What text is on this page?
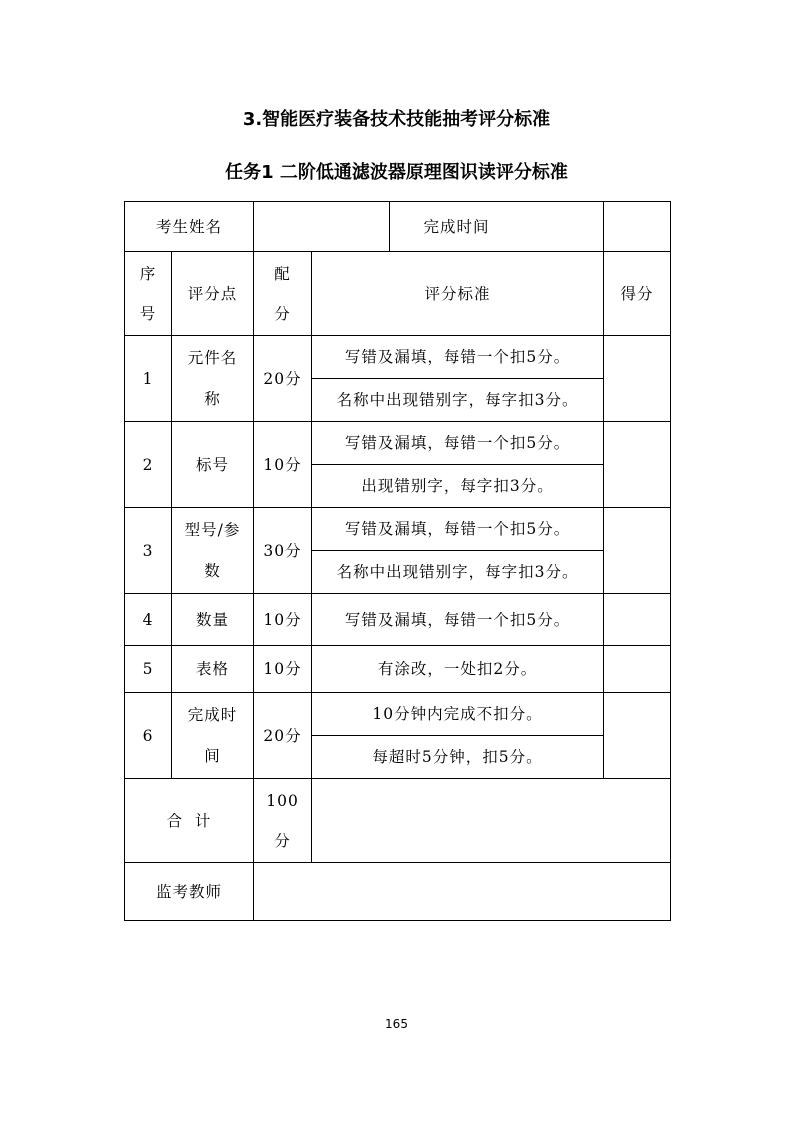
3.智能医疗装备技术技能抽考评分标准
任务1 二阶低通滤波器原理图识读评分标准
考生姓名				完成时间	
序号	评分点	配分	评分标准		得分
1	元件名称	20分	写错及漏填，每错一个扣5分。		
			名称中出现错别字，每字扣3分。		
2	标号	10分	写错及漏填，每错一个扣5分。		
			出现错别字，每字扣3分。		
3	型号/参数	30分	写错及漏填，每错一个扣5分。		
			名称中出现错别字，每字扣3分。		
4	数量	10分	写错及漏填，每错一个扣5分。		
5	表格	10分	有涂改，一处扣2分。		
6	完成时间	20分	10分钟内完成不扣分。		
			每超时5分钟，扣5分。		
合  计		100分			
监考教师					
165
